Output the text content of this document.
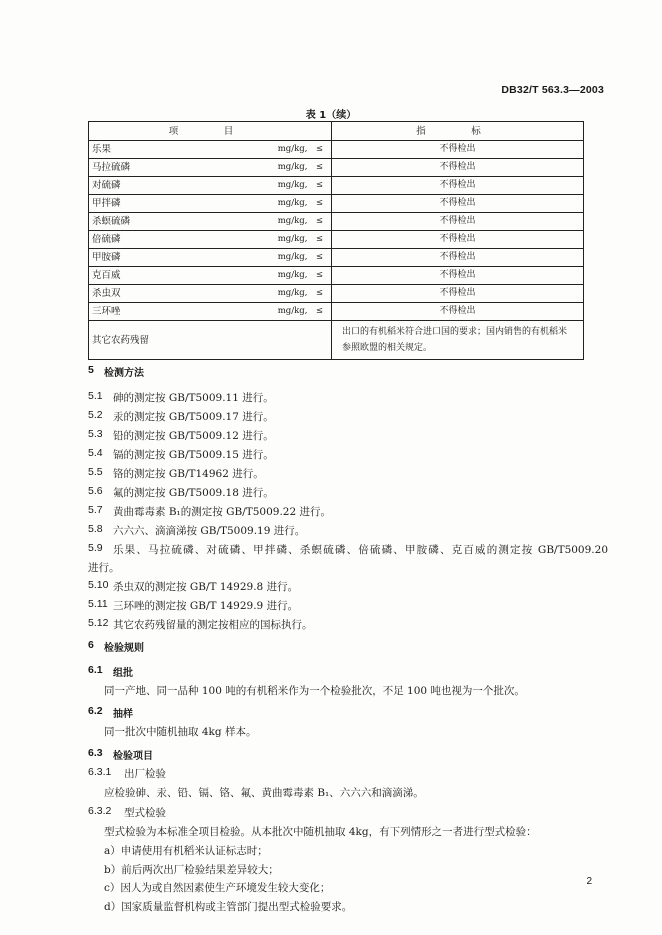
DB32/T 563.3—2003
表 1（续）
项　目		指　标
乐果	mg/kg,　≤	不得检出
马拉硫磷	mg/kg,　≤	不得检出
对硫磷	mg/kg,　≤	不得检出
甲拌磷	mg/kg,　≤	不得检出
杀螟硫磷	mg/kg,　≤	不得检出
倍硫磷	mg/kg,　≤	不得检出
甲胺磷	mg/kg,　≤	不得检出
克百威	mg/kg,　≤	不得检出
杀虫双	mg/kg,　≤	不得检出
三环唑	mg/kg,　≤	不得检出
其它农药残留		出口的有机稻米符合进口国的要求；国内销售的有机稻米参照欧盟的相关规定。
5 检测方法
5.1 砷的测定按 GB/T5009.11 进行。
5.2 汞的测定按 GB/T5009.17 进行。
5.3 铅的测定按 GB/T5009.12 进行。
5.4 镉的测定按 GB/T5009.15 进行。
5.5 铬的测定按 GB/T14962 进行。
5.6 氟的测定按 GB/T5009.18 进行。
5.7 黄曲霉毒素 B₁的测定按 GB/T5009.22 进行。
5.8 六六六、滴滴涕按 GB/T5009.19 进行。
5.9 乐果、马拉硫磷、对硫磷、甲拌磷、杀螟硫磷、倍硫磷、甲胺磷、克百威的测定按 GB/T5009.20
进行。
5.10 杀虫双的测定按 GB/T 14929.8 进行。
5.11 三环唑的测定按 GB/T 14929.9 进行。
5.12 其它农药残留量的测定按相应的国标执行。
6 检验规则
6.1 组批
同一产地、同一品种 100 吨的有机稻米作为一个检验批次，不足 100 吨也视为一个批次。
6.2 抽样
同一批次中随机抽取 4kg 样本。
6.3 检验项目
6.3.1 出厂检验
应检验砷、汞、铅、镉、铬、氟、黄曲霉毒素 B₁、六六六和滴滴涕。
6.3.2 型式检验
型式检验为本标准全项目检验。从本批次中随机抽取 4kg，有下列情形之一者进行型式检验：
a）申请使用有机稻米认证标志时；
b）前后两次出厂检验结果差异较大；
c）因人为或自然因素使生产环境发生较大变化；
d）国家质量监督机构或主管部门提出型式检验要求。
2
